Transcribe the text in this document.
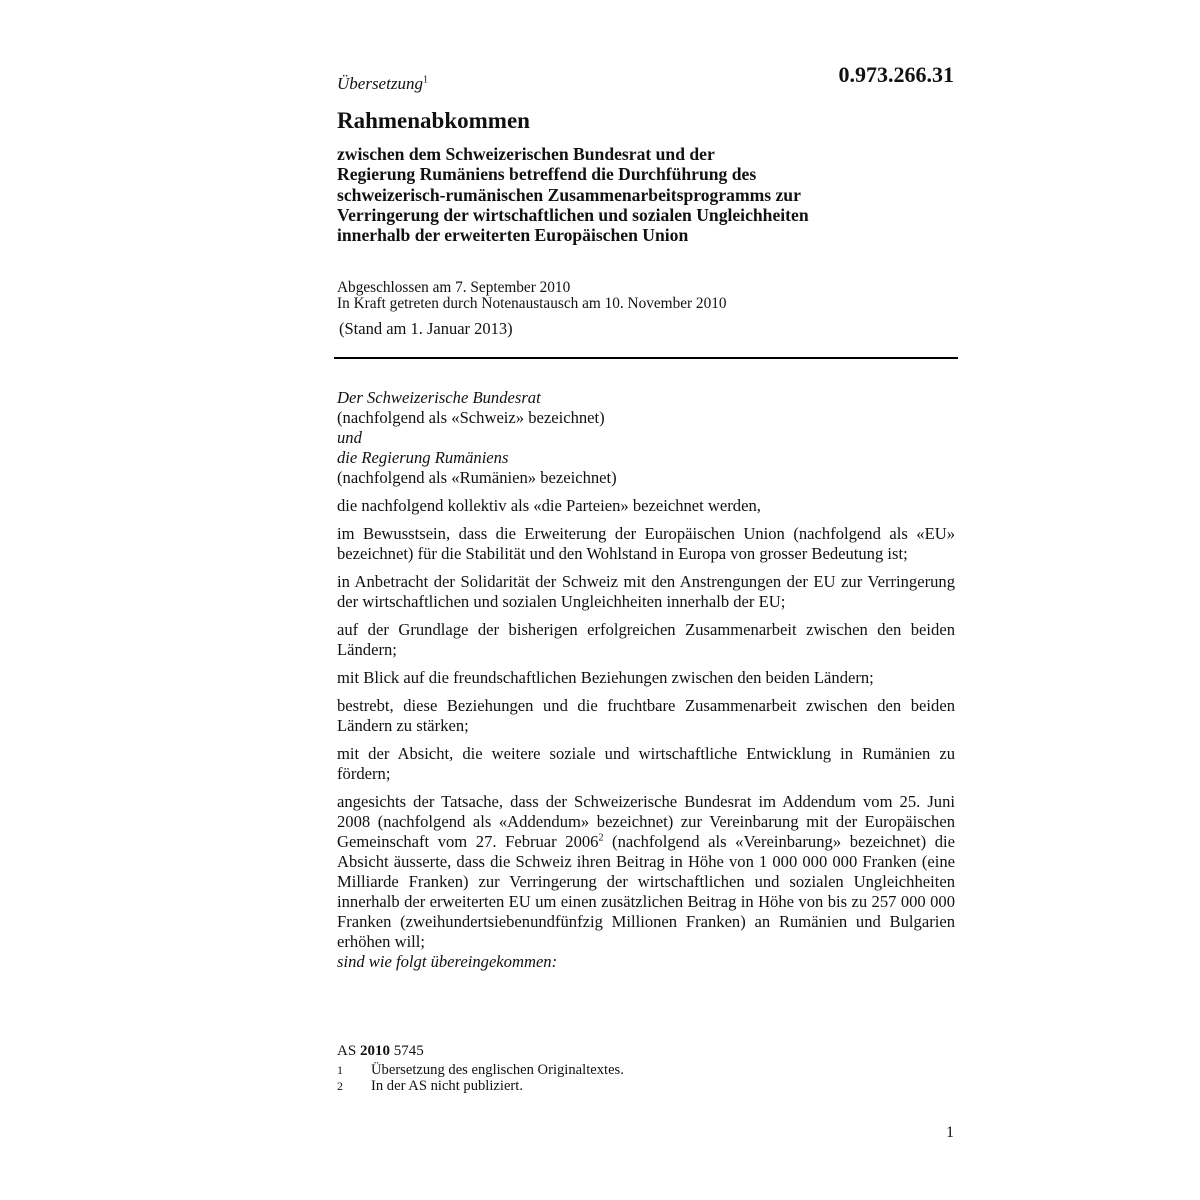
0.973.266.31
Übersetzung$^1$
Rahmenabkommen
zwischen dem Schweizerischen Bundesrat und der
Regierung Rumäniens betreffend die Durchführung des
schweizerisch-rumänischen Zusammenarbeitsprogramms zur
Verringerung der wirtschaftlichen und sozialen Ungleichheiten
innerhalb der erweiterten Europäischen Union
Abgeschlossen am 7. September 2010
In Kraft getreten durch Notenaustausch am 10. November 2010
(Stand am 1. Januar 2013)

Der Schweizerische Bundesrat

(nachfolgend als «Schweiz» bezeichnet)

und

die Regierung Rumäniens

(nachfolgend als «Rumänien» bezeichnet)

die nachfolgend kollektiv als «die Parteien» bezeichnet werden,

im Bewusstsein, dass die Erweiterung der Europäischen Union (nachfolgend als «EU» bezeichnet) für die Stabilität und den Wohlstand in Europa von grosser Bedeutung ist;

in Anbetracht der Solidarität der Schweiz mit den Anstrengungen der EU zur Verringerung der wirtschaftlichen und sozialen Ungleichheiten innerhalb der EU;

auf der Grundlage der bisherigen erfolgreichen Zusammenarbeit zwischen den beiden Ländern;

mit Blick auf die freundschaftlichen Beziehungen zwischen den beiden Ländern;

bestrebt, diese Beziehungen und die fruchtbare Zusammenarbeit zwischen den beiden Ländern zu stärken;

mit der Absicht, die weitere soziale und wirtschaftliche Entwicklung in Rumänien zu fördern;

angesichts der Tatsache, dass der Schweizerische Bundesrat im Addendum vom 25. Juni 2008 (nachfolgend als «Addendum» bezeichnet) zur Vereinbarung mit der Europäischen Gemeinschaft vom 27. Februar 2006$^2$ (nachfolgend als «Vereinbarung» bezeichnet) die Absicht äusserte, dass die Schweiz ihren Beitrag in Höhe von 1 000 000 000 Franken (eine Milliarde Franken) zur Verringerung der wirtschaftlichen und sozialen Ungleichheiten innerhalb der erweiterten EU um einen zusätzlichen Beitrag in Höhe von bis zu 257 000 000 Franken (zweihundertsiebenundfünfzig Millionen Franken) an Rumänien und Bulgarien erhöhen will;

sind wie folgt übereingekommen:

AS 2010 5745
1	Übersetzung des englischen Originaltextes.
2	In der AS nicht publiziert.
1
